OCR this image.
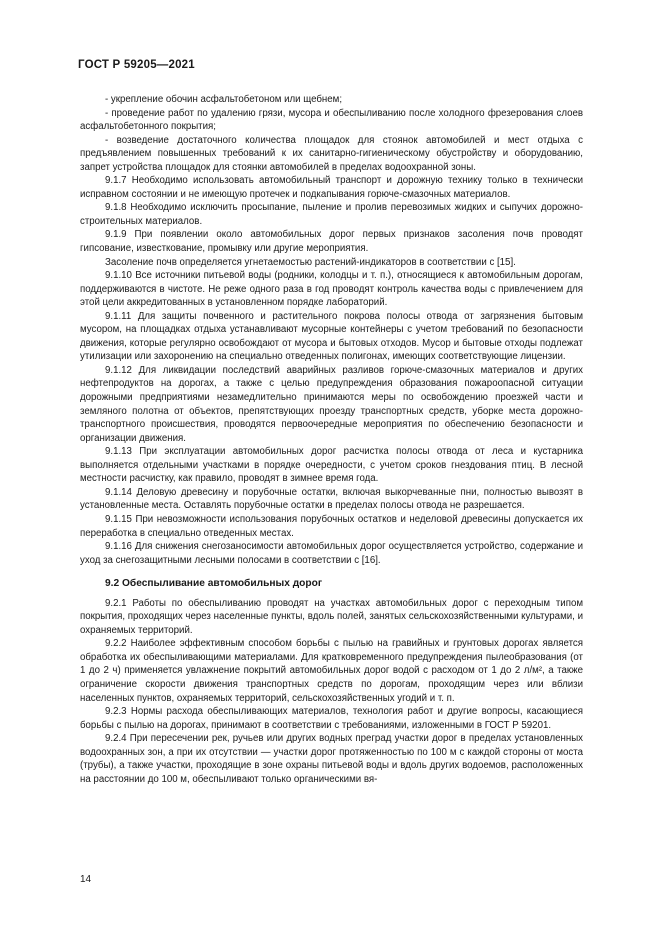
ГОСТ Р 59205—2021

- укрепление обочин асфальтобетоном или щебнем;

- проведение работ по удалению грязи, мусора и обеспыливанию после холодного фрезерования слоев асфальтобетонного покрытия;

- возведение достаточного количества площадок для стоянок автомобилей и мест отдыха с предъявлением повышенных требований к их санитарно-гигиеническому обустройству и оборудованию, запрет устройства площадок для стоянки автомобилей в пределах водоохранной зоны.

9.1.7 Необходимо использовать автомобильный транспорт и дорожную технику только в технически исправном состоянии и не имеющую протечек и подкапывания горюче-смазочных материалов.

9.1.8 Необходимо исключить просыпание, пыление и пролив перевозимых жидких и сыпучих дорожно-строительных материалов.

9.1.9 При появлении около автомобильных дорог первых признаков засоления почв проводят гипсование, известкование, промывку или другие мероприятия.

Засоление почв определяется угнетаемостью растений-индикаторов в соответствии с [15].

9.1.10 Все источники питьевой воды (родники, колодцы и т. п.), относящиеся к автомобильным дорогам, поддерживаются в чистоте. Не реже одного раза в год проводят контроль качества воды с привлечением для этой цели аккредитованных в установленном порядке лабораторий.

9.1.11 Для защиты почвенного и растительного покрова полосы отвода от загрязнения бытовым мусором, на площадках отдыха устанавливают мусорные контейнеры с учетом требований по безопасности движения, которые регулярно освобождают от мусора и бытовых отходов. Мусор и бытовые отходы подлежат утилизации или захоронению на специально отведенных полигонах, имеющих соответствующие лицензии.

9.1.12 Для ликвидации последствий аварийных разливов горюче-смазочных материалов и других нефтепродуктов на дорогах, а также с целью предупреждения образования пожароопасной ситуации дорожными предприятиями незамедлительно принимаются меры по освобождению проезжей части и земляного полотна от объектов, препятствующих проезду транспортных средств, уборке места дорожно-транспортного происшествия, проводятся первоочередные мероприятия по обеспечению безопасности и организации движения.

9.1.13 При эксплуатации автомобильных дорог расчистка полосы отвода от леса и кустарника выполняется отдельными участками в порядке очередности, с учетом сроков гнездования птиц. В лесной местности расчистку, как правило, проводят в зимнее время года.

9.1.14 Деловую древесину и порубочные остатки, включая выкорчеванные пни, полностью вывозят в установленные места. Оставлять порубочные остатки в пределах полосы отвода не разрешается.

9.1.15 При невозможности использования порубочных остатков и неделовой древесины допускается их переработка в специально отведенных местах.

9.1.16 Для снижения снегозаносимости автомобильных дорог осуществляется устройство, содержание и уход за снегозащитными лесными полосами в соответствии с [16].

9.2 Обеспыливание автомобильных дорог

9.2.1 Работы по обеспыливанию проводят на участках автомобильных дорог с переходным типом покрытия, проходящих через населенные пункты, вдоль полей, занятых сельскохозяйственными культурами, и охраняемых территорий.

9.2.2 Наиболее эффективным способом борьбы с пылью на гравийных и грунтовых дорогах является обработка их обеспыливающими материалами. Для кратковременного предупреждения пылеобразования (от 1 до 2 ч) применяется увлажнение покрытий автомобильных дорог водой с расходом от 1 до 2 л/м², а также ограничение скорости движения транспортных средств по дорогам, проходящим через или вблизи населенных пунктов, охраняемых территорий, сельскохозяйственных угодий и т. п.

9.2.3 Нормы расхода обеспыливающих материалов, технология работ и другие вопросы, касающиеся борьбы с пылью на дорогах, принимают в соответствии с требованиями, изложенными в ГОСТ Р 59201.

9.2.4 При пересечении рек, ручьев или других водных преград участки дорог в пределах установленных водоохранных зон, а при их отсутствии — участки дорог протяженностью по 100 м с каждой стороны от моста (трубы), а также участки, проходящие в зоне охраны питьевой воды и вдоль других водоемов, расположенных на расстоянии до 100 м, обеспыливают только органическими вя-

14
